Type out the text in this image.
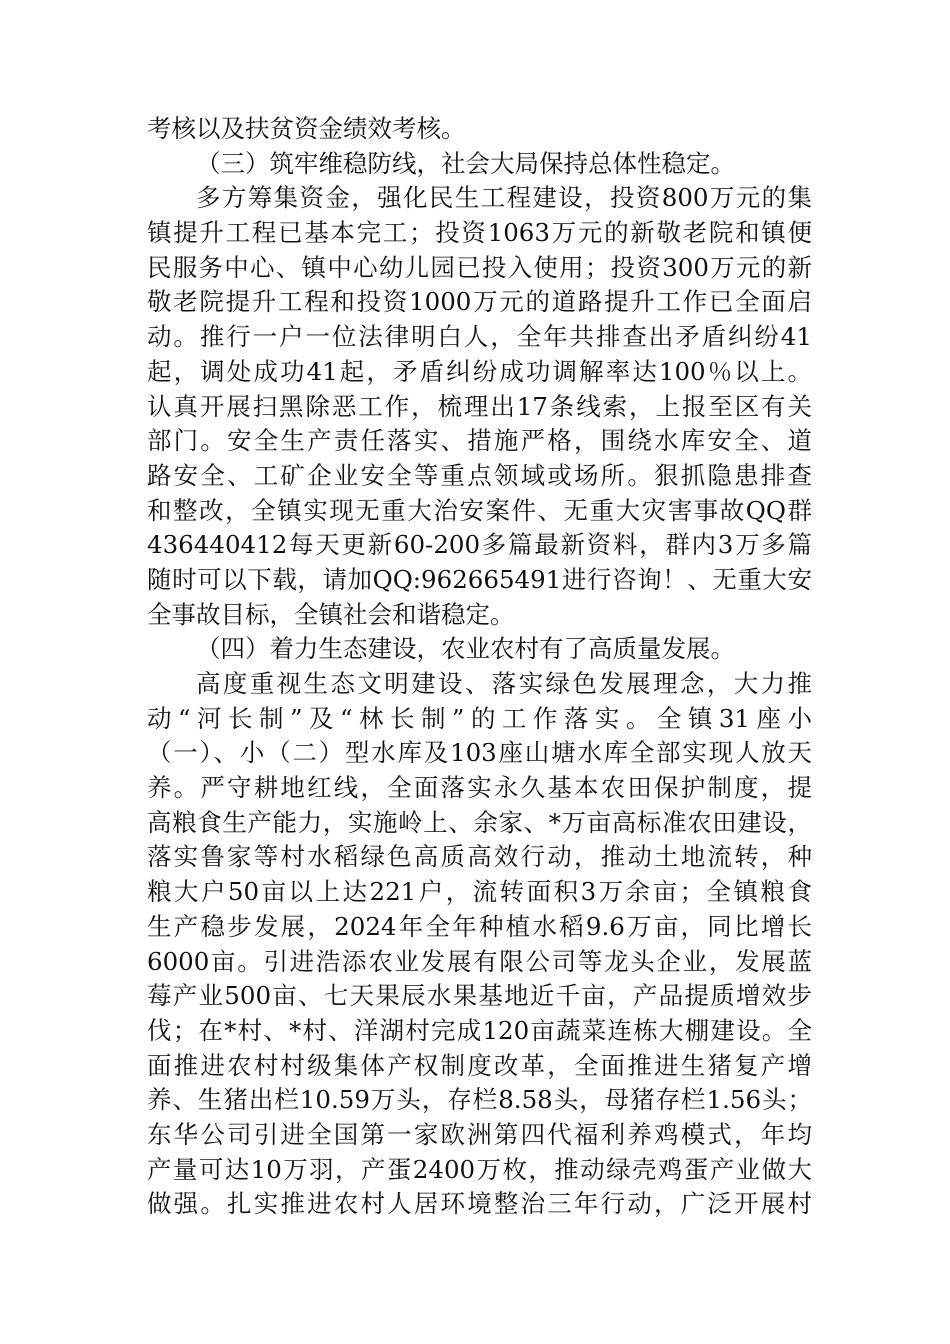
考核以及扶贫资金绩效考核。
（三）筑牢维稳防线，社会大局保持总体性稳定。
多方筹集资金，强化民生工程建设，投资800万元的集
镇提升工程已基本完工；投资1063万元的新敬老院和镇便
民服务中心、镇中心幼儿园已投入使用；投资300万元的新
敬老院提升工程和投资1000万元的道路提升工作已全面启
动。推行一户一位法律明白人，全年共排查出矛盾纠纷41
起，调处成功41起，矛盾纠纷成功调解率达100％以上。
认真开展扫黑除恶工作，梳理出17条线索，上报至区有关
部门。安全生产责任落实、措施严格，围绕水库安全、道
路安全、工矿企业安全等重点领域或场所。狠抓隐患排查
和整改，全镇实现无重大治安案件、无重大灾害事故QQ群
436440412每天更新60-200多篇最新资料，群内3万多篇
随时可以下载，请加QQ:962665491进行咨询！、无重大安
全事故目标，全镇社会和谐稳定。
（四）着力生态建设，农业农村有了高质量发展。
高度重视生态文明建设、落实绿色发展理念，大力推
动“河长制”及“林长制”的工作落实。全镇31座小
（一）、小（二）型水库及103座山塘水库全部实现人放天
养。严守耕地红线，全面落实永久基本农田保护制度，提
高粮食生产能力，实施岭上、余家、*万亩高标准农田建设，
落实鲁家等村水稻绿色高质高效行动，推动土地流转，种
粮大户50亩以上达221户，流转面积3万余亩；全镇粮食
生产稳步发展，2024年全年种植水稻9.6万亩，同比增长
6000亩。引进浩添农业发展有限公司等龙头企业，发展蓝
莓产业500亩、七天果辰水果基地近千亩，产品提质增效步
伐；在*村、*村、洋湖村完成120亩蔬菜连栋大棚建设。全
面推进农村村级集体产权制度改革，全面推进生猪复产增
养、生猪出栏10.59万头，存栏8.58头，母猪存栏1.56头；
东华公司引进全国第一家欧洲第四代福利养鸡模式，年均
产量可达10万羽，产蛋2400万枚，推动绿壳鸡蛋产业做大
做强。扎实推进农村人居环境整治三年行动，广泛开展村
